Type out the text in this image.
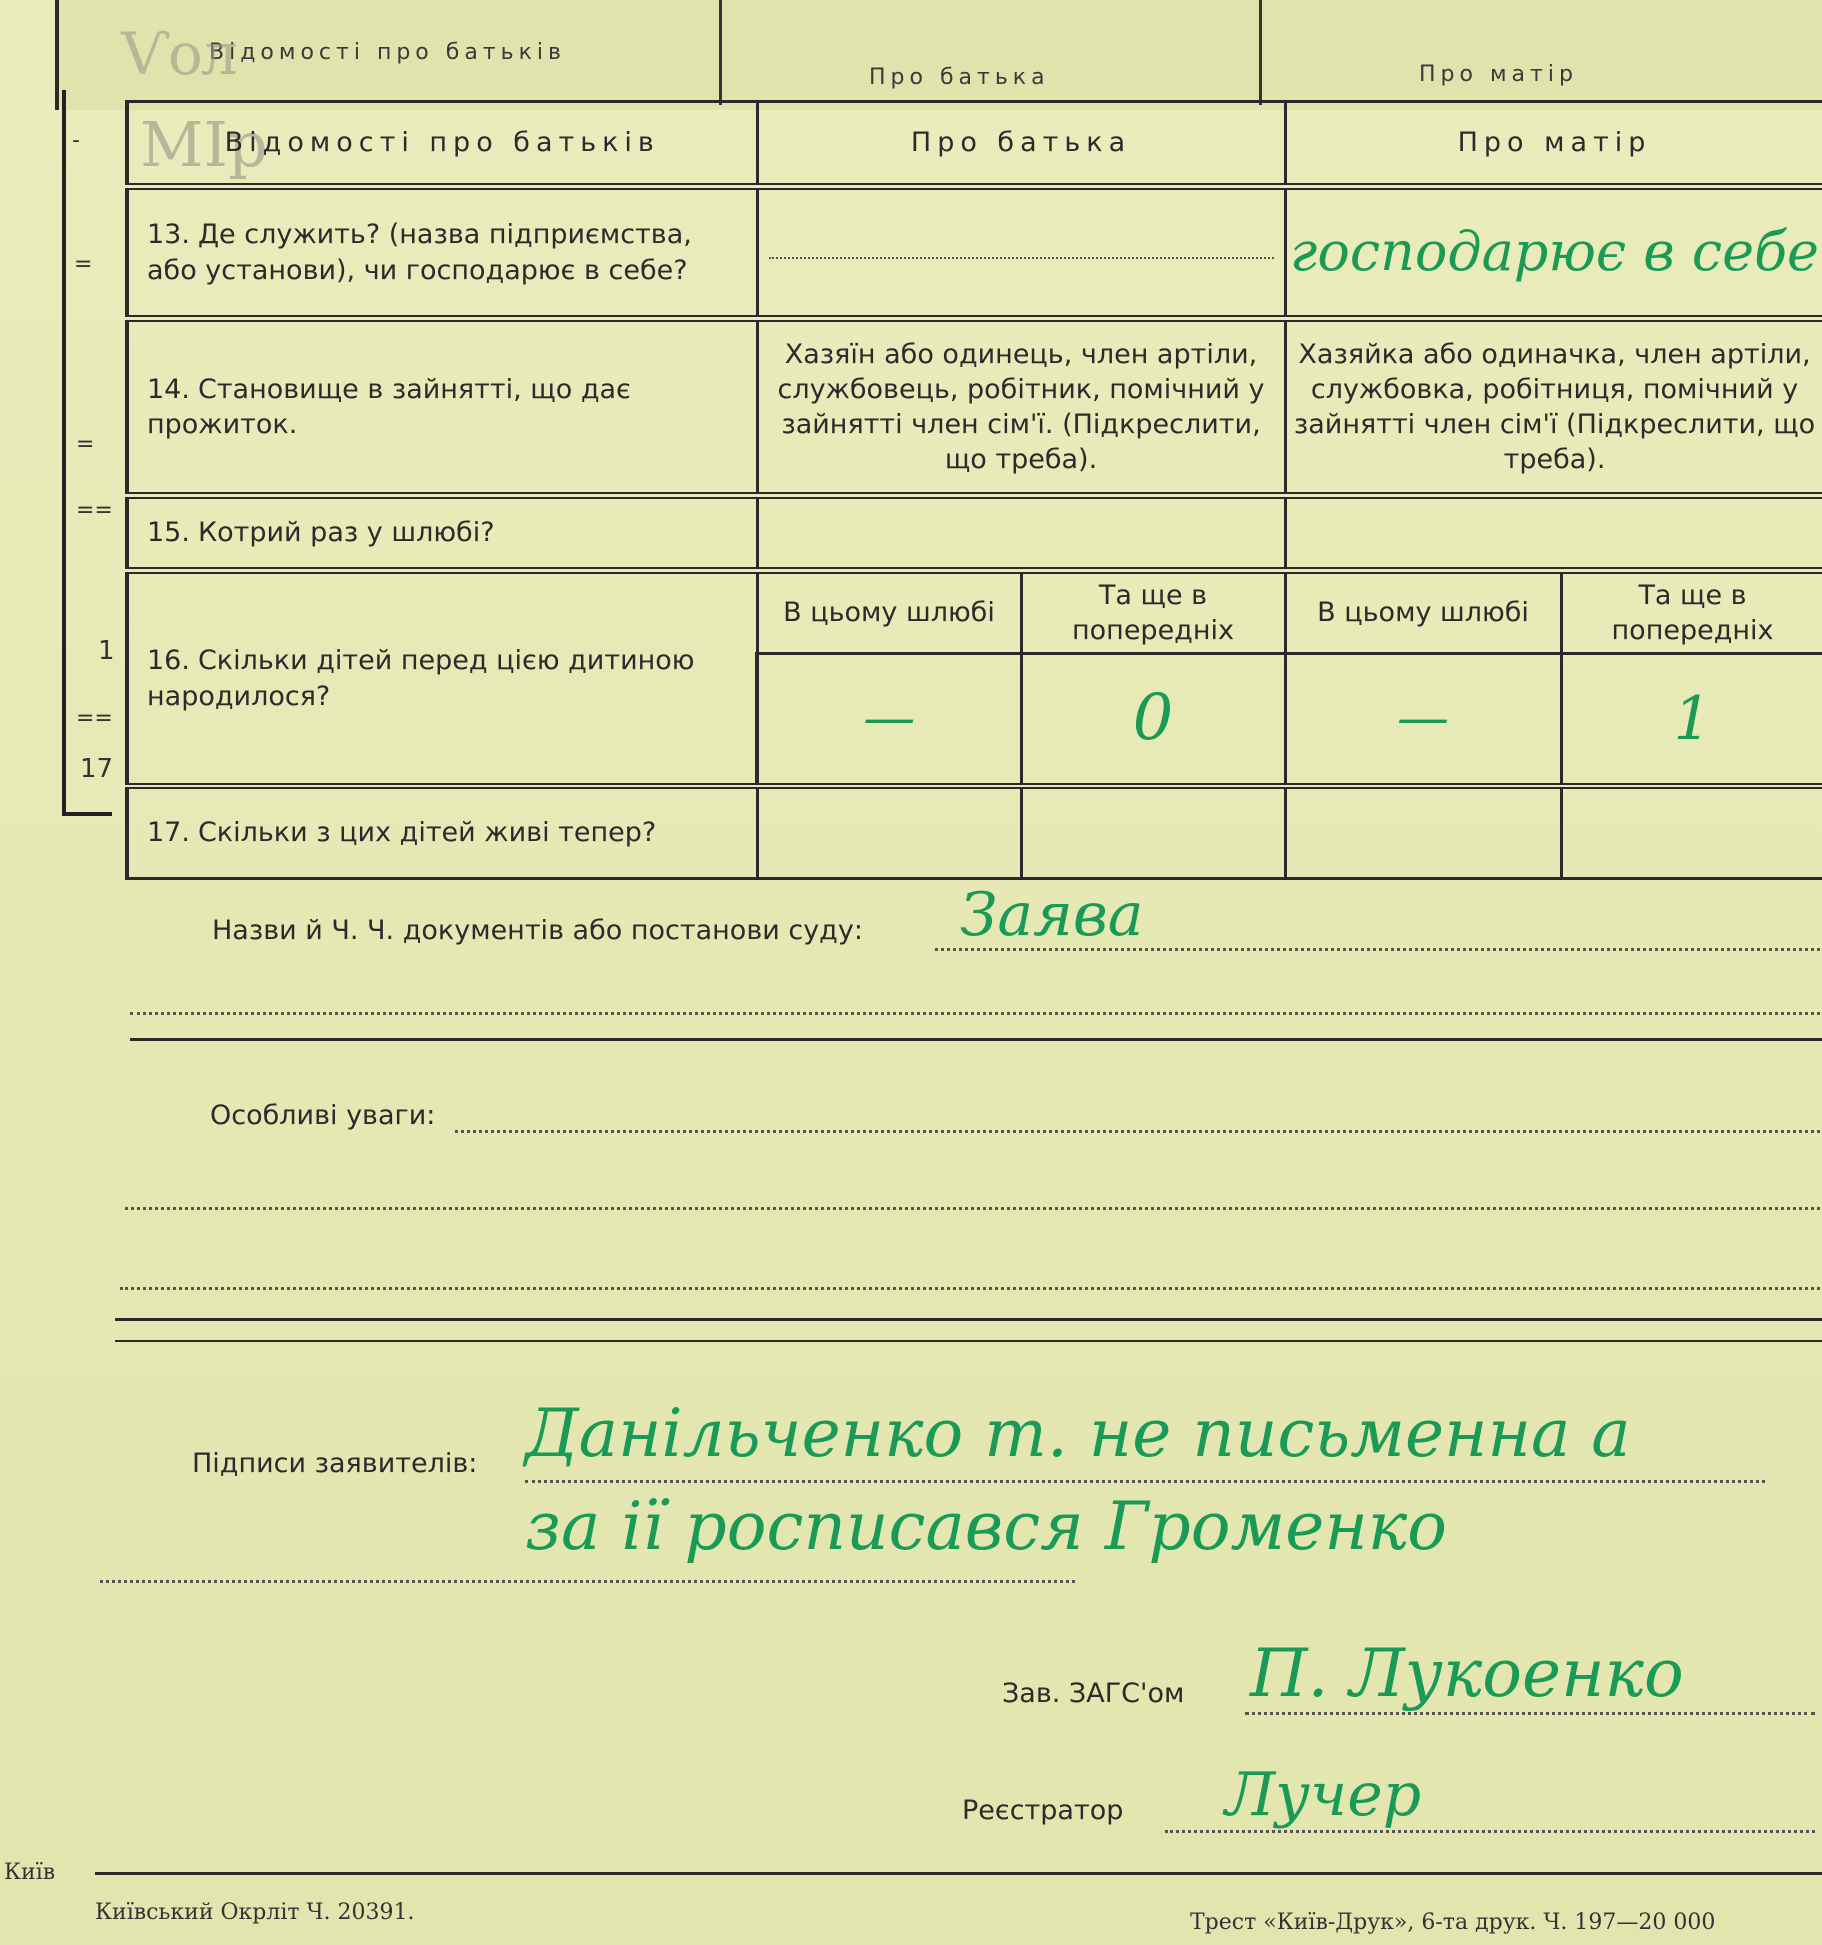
Відомості про батьків
Про батька	Про матір
Ѵол
МІр
-
=
=
==
1
==
17
Відомості про батьків	Про батька		Про матір	
13. Де служить? (назва підприємства, або установи), чи господарює в себе?			господарює в себе	

14. Становище в зайнятті, що дає прожиток.	Хазяїн або одинець, член артіли, службовець, робітник, помічний у зайнятті член сім'ї. (Підкреслити, що треба).		Хазяйка або одиначка, член артіли, службовка, робітниця, помічний у зайнятті член сім'ї (Підкреслити, що треба).	
15. Котрий раз у шлюбі?				
16. Скільки дітей перед цією дитиною народилося?	В цьому шлюбі	Та ще в попередніх	В цьому шлюбі	Та ще в попередніх
	—	0	—	1
17. Скільки з цих дітей живі тепер?				
Назви й Ч. Ч. документів або постанови суду: Заява
Особливі уваги:
Підписи заявителів: Данільченко т. не письменна а
за ії росписався Громенко
Зав. ЗАГС'ом П. Лукоенко
Реєстратор Лучер
Київ
Київський Окрліт Ч. 20391.	Трест «Київ-Друк», 6-та друк. Ч. 197—20 000
